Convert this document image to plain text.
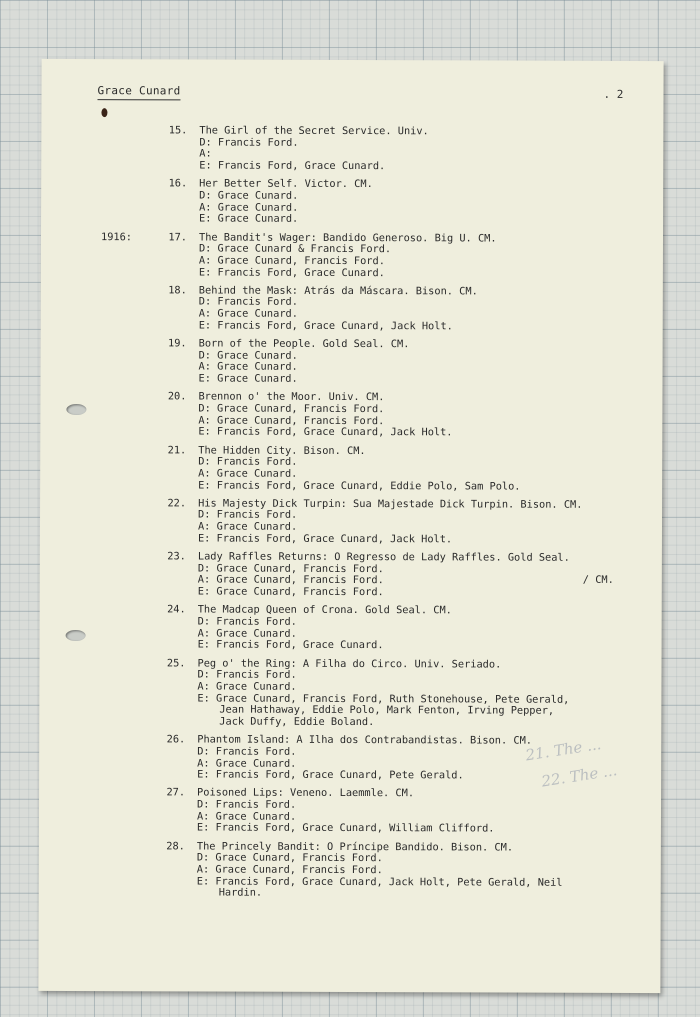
Grace Cunard	. 2
15.	The Girl of the Secret Service. Univ.
D: Francis Ford.
A:
E: Francis Ford, Grace Cunard.
16.	Her Better Self. Victor. CM.
D: Grace Cunard.
A: Grace Cunard.
E: Grace Cunard.
1916:	17.	The Bandit's Wager: Bandido Generoso. Big U. CM.
D: Grace Cunard & Francis Ford.
A: Grace Cunard, Francis Ford.
E: Francis Ford, Grace Cunard.
18.	Behind the Mask: Atrás da Máscara. Bison. CM.
D: Francis Ford.
A: Grace Cunard.
E: Francis Ford, Grace Cunard, Jack Holt.
19.	Born of the People. Gold Seal. CM.
D: Grace Cunard.
A: Grace Cunard.
E: Grace Cunard.
20.	Brennon o' the Moor. Univ. CM.
D: Grace Cunard, Francis Ford.
A: Grace Cunard, Francis Ford.
E: Francis Ford, Grace Cunard, Jack Holt.
21.	The Hidden City. Bison. CM.
D: Francis Ford.
A: Grace Cunard.
E: Francis Ford, Grace Cunard, Eddie Polo, Sam Polo.
22.	His Majesty Dick Turpin: Sua Majestade Dick Turpin. Bison. CM.
D: Francis Ford.
A: Grace Cunard.
E: Francis Ford, Grace Cunard, Jack Holt.
23.	Lady Raffles Returns: O Regresso de Lady Raffles. Gold Seal.
D: Grace Cunard, Francis Ford.
A: Grace Cunard, Francis Ford.
E: Grace Cunard, Francis Ford.
24.	The Madcap Queen of Crona. Gold Seal. CM.
D: Francis Ford.
A: Grace Cunard.
E: Francis Ford, Grace Cunard.
25.	Peg o' the Ring: A Filha do Circo. Univ. Seriado.
D: Francis Ford.
A: Grace Cunard.
E: Grace Cunard, Francis Ford, Ruth Stonehouse, Pete Gerald,
Jean Hathaway, Eddie Polo, Mark Fenton, Irving Pepper,
Jack Duffy, Eddie Boland.
26.	Phantom Island: A Ilha dos Contrabandistas. Bison. CM.
D: Francis Ford.
A: Grace Cunard.
E: Francis Ford, Grace Cunard, Pete Gerald.
27.	Poisoned Lips: Veneno. Laemmle. CM.
D: Francis Ford.
A: Grace Cunard.
E: Francis Ford, Grace Cunard, William Clifford.
28.	The Princely Bandit: O Príncipe Bandido. Bison. CM.
D: Grace Cunard, Francis Ford.
A: Grace Cunard, Francis Ford.
E: Francis Ford, Grace Cunard, Jack Holt, Pete Gerald, Neil
Hardin.
/ CM.
21. The ...
22. The ...
